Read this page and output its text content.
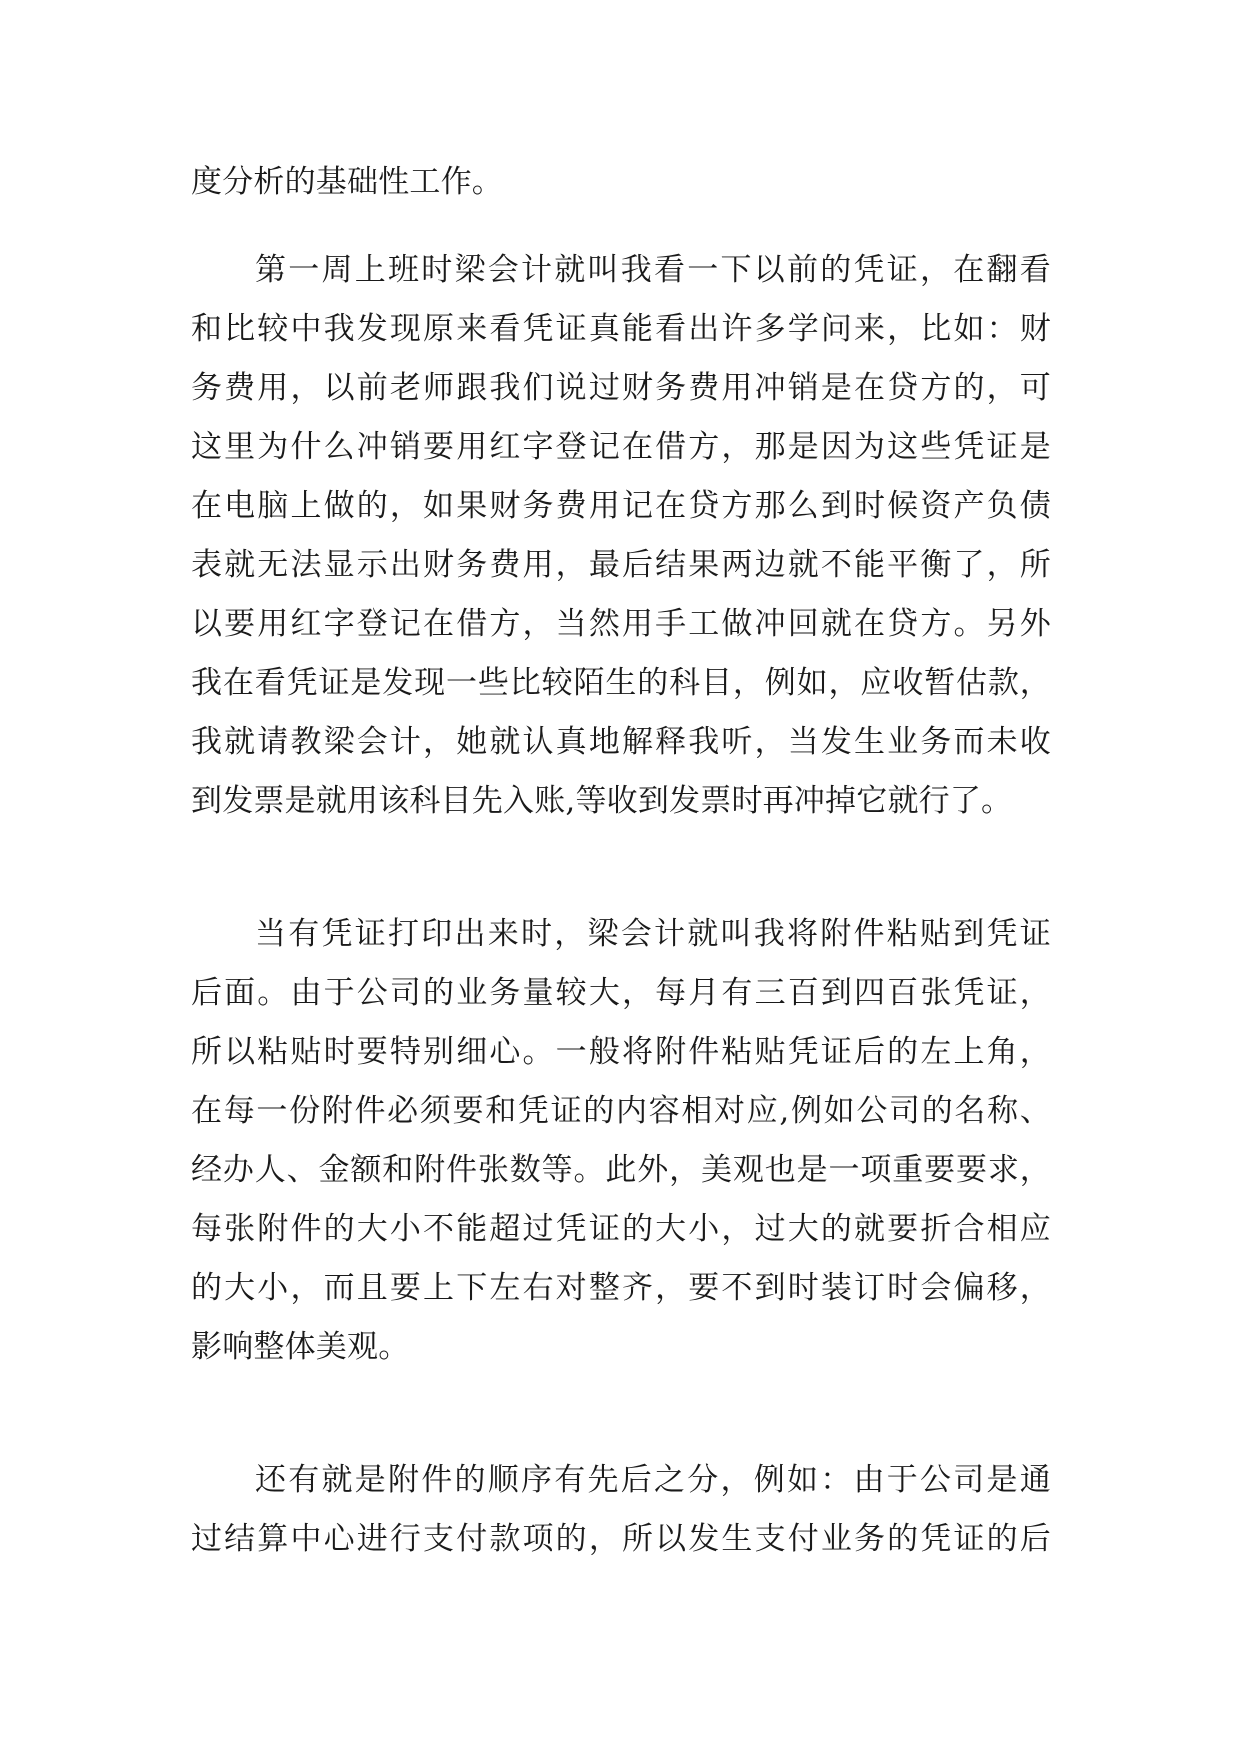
度分析的基础性工作。
第一周上班时梁会计就叫我看一下以前的凭证，在翻看
和比较中我发现原来看凭证真能看出许多学问来，比如：财
务费用，以前老师跟我们说过财务费用冲销是在贷方的，可
这里为什么冲销要用红字登记在借方，那是因为这些凭证是
在电脑上做的，如果财务费用记在贷方那么到时候资产负债
表就无法显示出财务费用，最后结果两边就不能平衡了，所
以要用红字登记在借方，当然用手工做冲回就在贷方。另外
我在看凭证是发现一些比较陌生的科目，例如，应收暂估款，
我就请教梁会计，她就认真地解释我听，当发生业务而未收
到发票是就用该科目先入账,等收到发票时再冲掉它就行了。
当有凭证打印出来时，梁会计就叫我将附件粘贴到凭证
后面。由于公司的业务量较大，每月有三百到四百张凭证，
所以粘贴时要特别细心。一般将附件粘贴凭证后的左上角，
在每一份附件必须要和凭证的内容相对应,例如公司的名称、
经办人、金额和附件张数等。此外，美观也是一项重要要求，
每张附件的大小不能超过凭证的大小，过大的就要折合相应
的大小，而且要上下左右对整齐，要不到时装订时会偏移，
影响整体美观。
还有就是附件的顺序有先后之分，例如：由于公司是通
过结算中心进行支付款项的，所以发生支付业务的凭证的后
